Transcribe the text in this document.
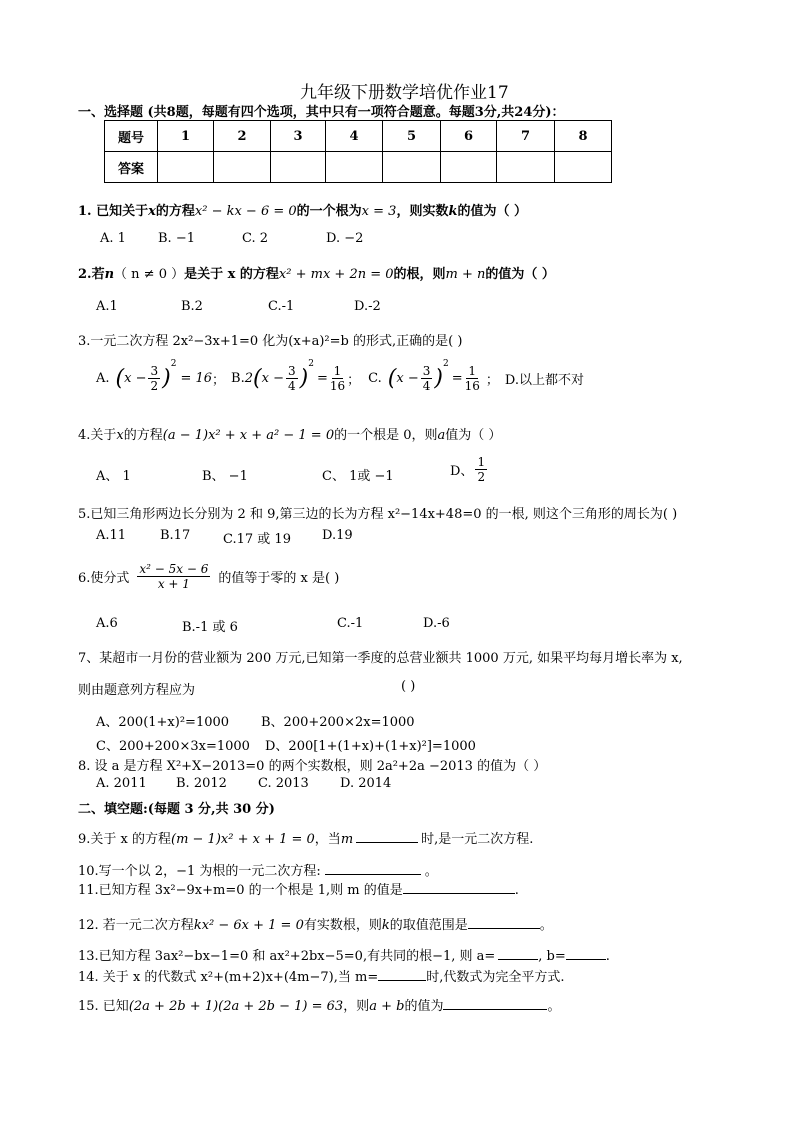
九年级下册数学培优作业17
一、选择题 (共8题，每题有四个选项，其中只有一项符合题意。每题3分,共24分)：
题号	1	2	3	4	5	6	7	8
答案								
1. 已知关于x的方程x² − kx − 6 = 0的一个根为x = 3，则实数k的值为（ ）
A. 1 B. −1	C. 2	D. −2
2.若n（ n ≠ 0 ）是关于 x 的方程x² + mx + 2n = 0的根，则m + n的值为（ ）
A.1	B.2	C.-1	D.-2
3.一元二次方程 2x²−3x+1=0 化为(x+a)²=b 的形式,正确的是( )
A. ( $x - \frac{3}{2}$ )
$^2$
= 16 ； B. 2 ( $x - \frac{3}{4}$ )
$^2$
= $\frac{1}{16}$ ； C. ( $x - \frac{3}{4}$ )
$^2$
= $\frac{1}{16}$ ； D.以上都不对
4.关于x的方程(a − 1)x² + x + a² − 1 = 0的一个根是 0，则a值为（ ）
A、 1	B、 −1	C、 1或 −1	D、 $\frac{1}{2}$
5.已知三角形两边长分别为 2 和 9,第三边的长为方程 x²−14x+48=0 的一根, 则这个三角形的周长为( )
A.11	B.17	C.17 或 19 D.19
6.使分式 $\frac{\text{x² − 5x − 6}}{x + 1}$ 的值等于零的 x 是( )
A.6	B.-1 或 6	C.-1	D.-6
7、某超市一月份的营业额为 200 万元,已知第一季度的总营业额共 1000 万元, 如果平均每月增长率为 x,
则由题意列方程应为	( )
A、200(1+x)²=1000 B、200+200×2x=1000
C、200+200×3x=1000 D、200[1+(1+x)+(1+x)²]=1000
8. 设 a 是方程 X²+X−2013=0 的两个实数根，则 2a²+2a −2013 的值为（ ）
A. 2011 B. 2012 C. 2013 D. 2014
二、填空题:(每题 3 分,共 30 分)
9.关于 x 的方程(m − 1)x² + x + 1 = 0，当m	时,是一元二次方程.
10.写一个以 2，−1 为根的一元二次方程:	。
11.已知方程 3x²−9x+m=0 的一个根是 1,则 m 的值是	.
12. 若一元二次方程kx² − 6x + 1 = 0有实数根，则k的取值范围是	。
13.已知方程 3ax²−bx−1=0 和 ax²+2bx−5=0,有共同的根−1, 则 a=	, b=	.
14. 关于 x 的代数式 x²+(m+2)x+(4m−7),当 m=	时,代数式为完全平方式.
15. 已知(2a + 2b + 1)(2a + 2b − 1) = 63，则a + b的值为	。
